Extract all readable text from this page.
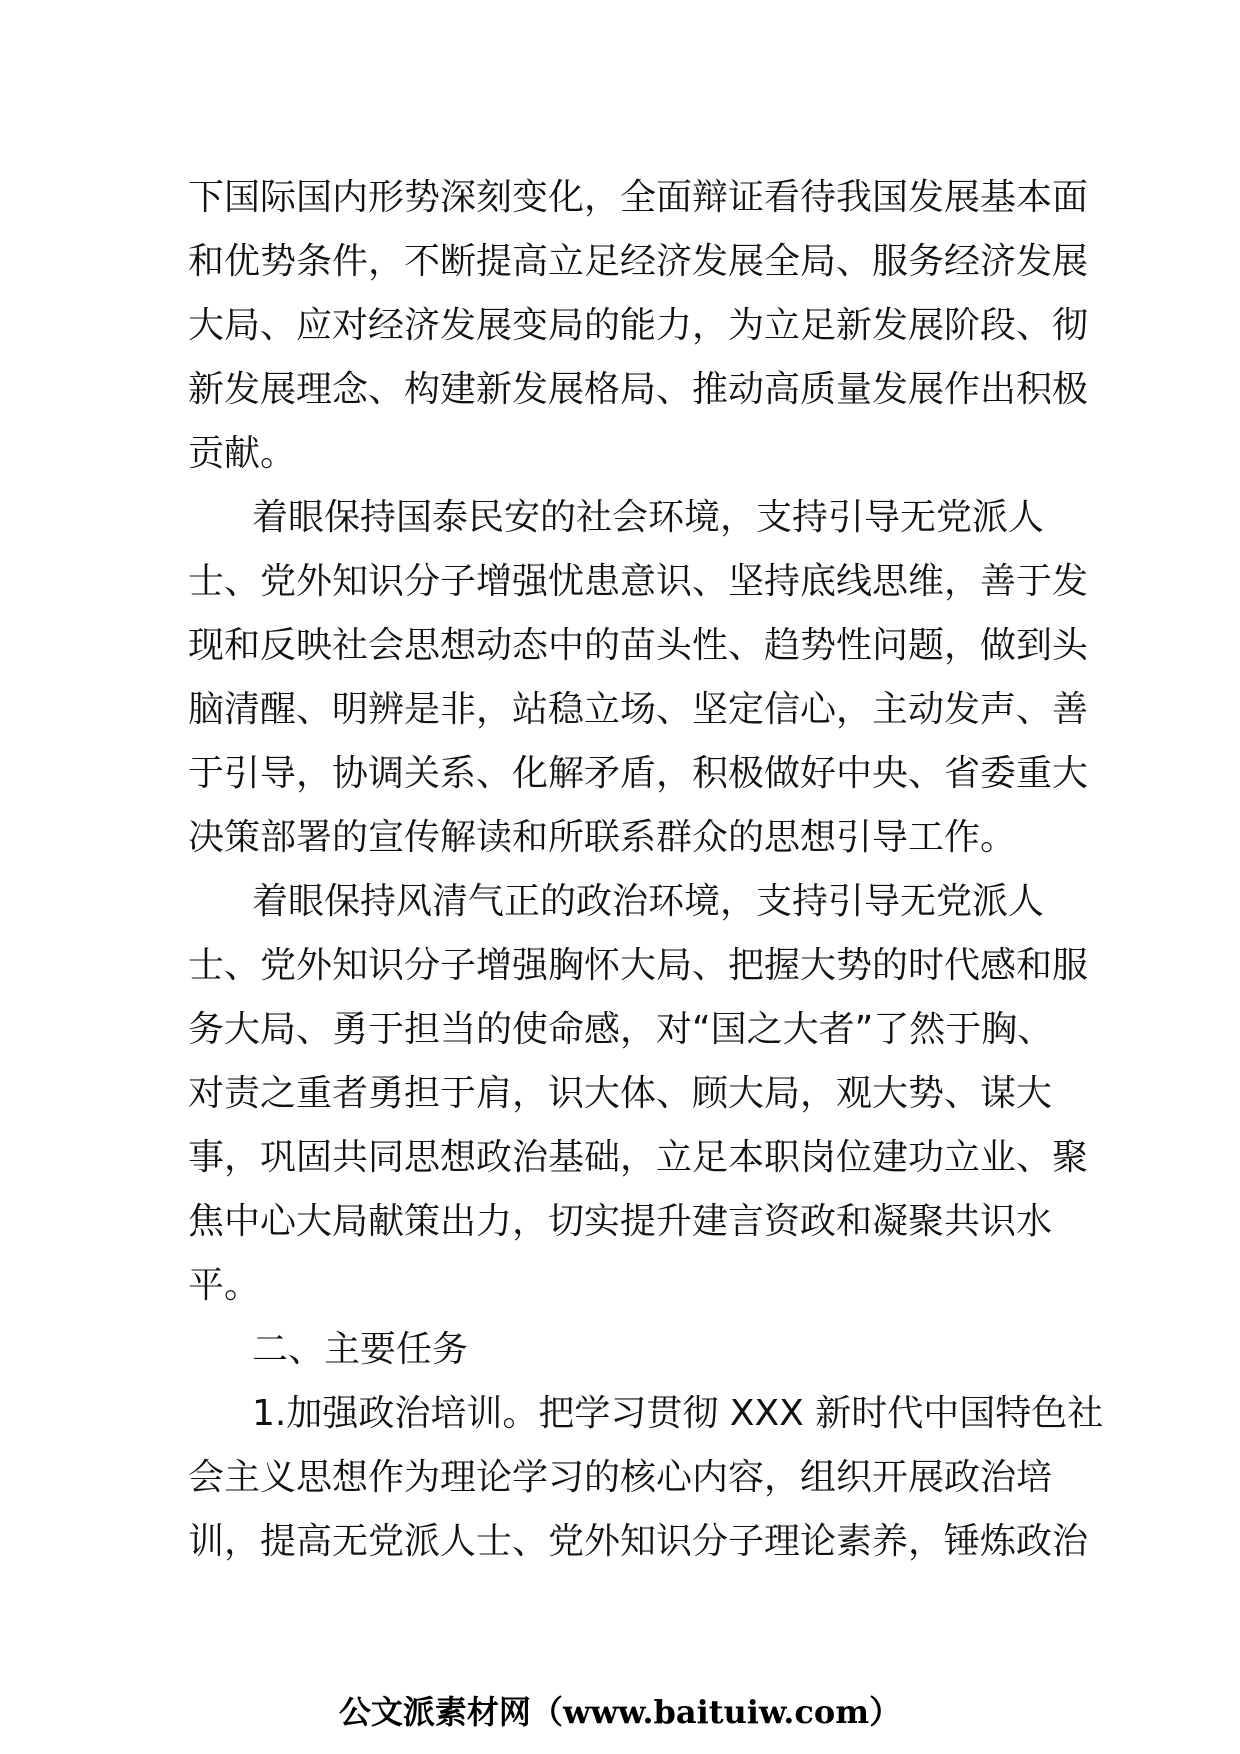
下国际国内形势深刻变化，全面辩证看待我国发展基本面
和优势条件，不断提高立足经济发展全局、服务经济发展
大局、应对经济发展变局的能力，为立足新发展阶段、彻
新发展理念、构建新发展格局、推动高质量发展作出积极
贡献。
着眼保持国泰民安的社会环境，支持引导无党派人
士、党外知识分子增强忧患意识、坚持底线思维，善于发
现和反映社会思想动态中的苗头性、趋势性问题，做到头
脑清醒、明辨是非，站稳立场、坚定信心，主动发声、善
于引导，协调关系、化解矛盾，积极做好中央、省委重大
决策部署的宣传解读和所联系群众的思想引导工作。
着眼保持风清气正的政治环境，支持引导无党派人
士、党外知识分子增强胸怀大局、把握大势的时代感和服
务大局、勇于担当的使命感，对“国之大者”了然于胸、
对责之重者勇担于肩，识大体、顾大局，观大势、谋大
事，巩固共同思想政治基础，立足本职岗位建功立业、聚
焦中心大局献策出力，切实提升建言资政和凝聚共识水
平。
二、主要任务
1.加强政治培训。把学习贯彻 XXX 新时代中国特色社
会主义思想作为理论学习的核心内容，组织开展政治培
训，提高无党派人士、党外知识分子理论素养，锤炼政治
公文派素材网（www.baituiw.com）
